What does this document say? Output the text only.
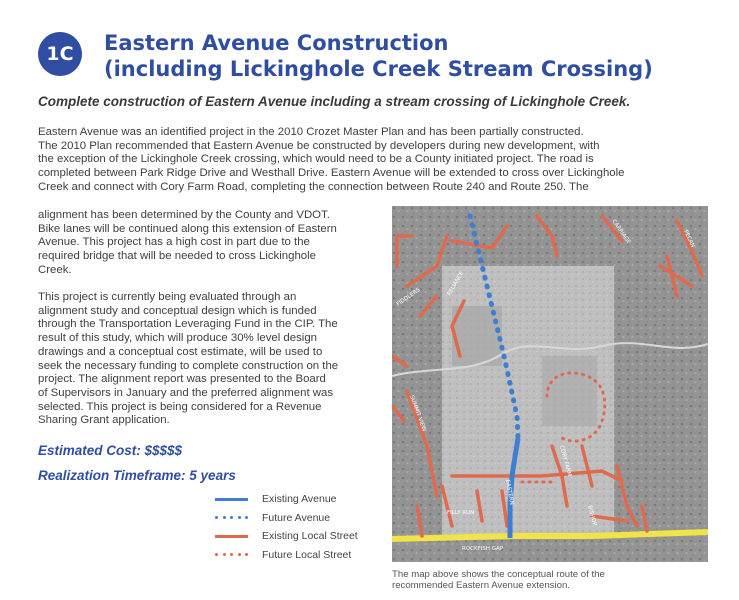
1C	Eastern Avenue Construction
(including Lickinghole Creek Stream Crossing)

Complete construction of Eastern Avenue including a stream crossing of Lickinghole Creek.

Eastern Avenue was an identified project in the 2010 Crozet Master Plan and has been partially constructed.
The 2010 Plan recommended that Eastern Avenue be constructed by developers during new development, with
the exception of the Lickinghole Creek crossing, which would need to be a County initiated project. The road is
completed between Park Ridge Drive and Westhall Drive. Eastern Avenue will be extended to cross over Lickinghole
Creek and connect with Cory Farm Road, completing the connection between Route 240 and Route 250. The

alignment has been determined by the County and VDOT.
Bike lanes will be continued along this extension of Eastern
Avenue. This project has a high cost in part due to the
required bridge that will be needed to cross Lickinghole
Creek.

This project is currently being evaluated through an
alignment study and conceptual design which is funded
through the Transportation Leveraging Fund in the CIP. The
result of this study, which will produce 30% level design
drawings and a conceptual cost estimate, will be used to
seek the necessary funding to complete construction on the
project. The alignment report was presented to the Board
of Supervisors in January and the preferred alignment was
selected. This project is being considered for a Revenue
Sharing Grant application.

Estimated Cost: $$$$$

Realization Timeframe: 5 years

Existing Avenue
Future Avenue
Existing Local Street
Future Local Street	ROCKFISH GAP
SUMMIT VIEW
RELIANCE
FILLY RUN
EASTERN
CORY FARM
BISHOP
CARRIAGE	PECAN
FIDDLERS

The map above shows the conceptual route of the
recommended Eastern Avenue extension.
